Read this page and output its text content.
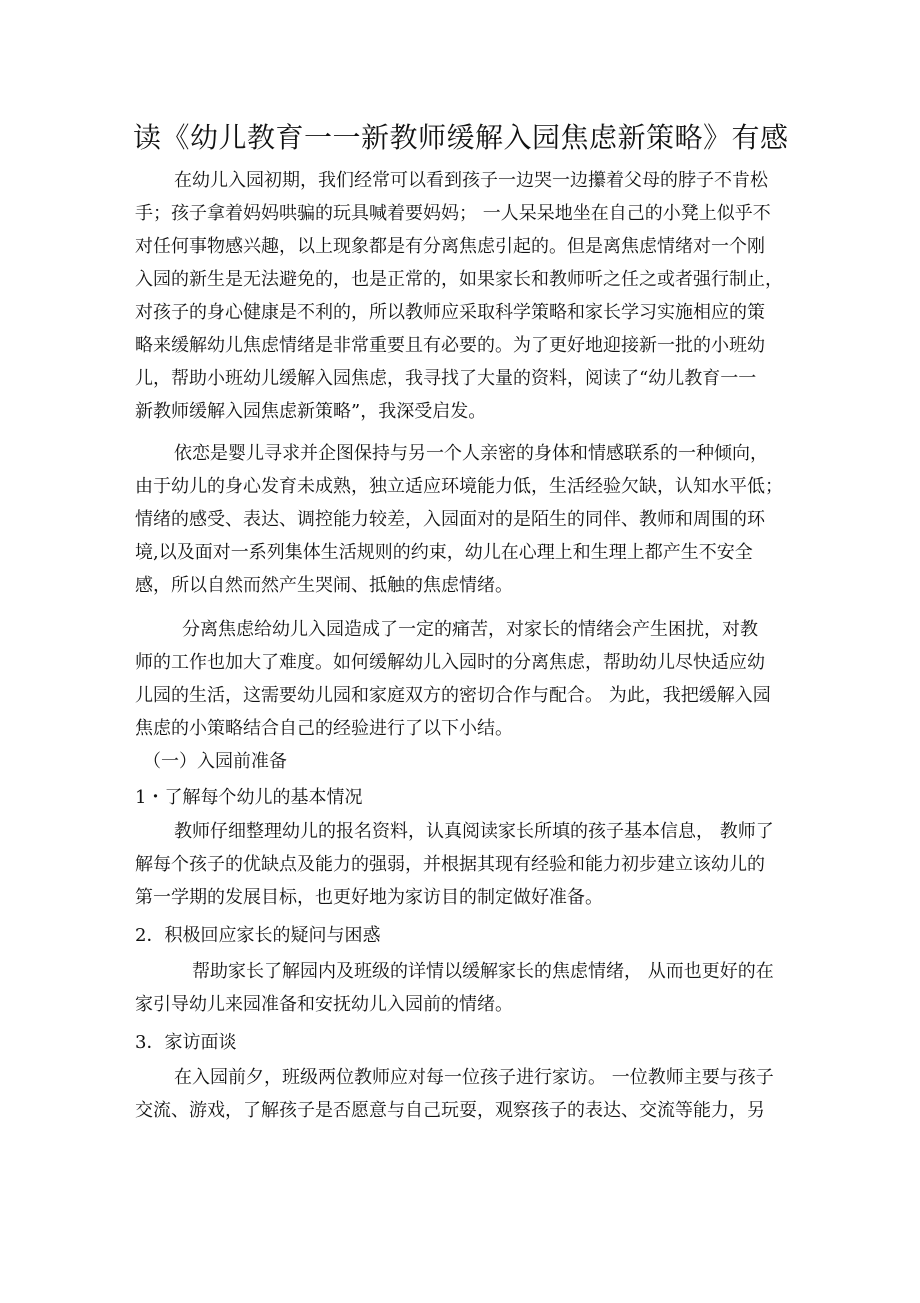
读《幼儿教育一一新教师缓解入园焦虑新策略》有感
在幼儿入园初期，我们经常可以看到孩子一边哭一边攥着父母的脖子不肯松
手；孩子拿着妈妈哄骗的玩具喊着要妈妈； 一人呆呆地坐在自己的小凳上似乎不
对任何事物感兴趣，以上现象都是有分离焦虑引起的。但是离焦虑情绪对一个刚
入园的新生是无法避免的，也是正常的，如果家长和教师听之任之或者强行制止，
对孩子的身心健康是不利的，所以教师应采取科学策略和家长学习实施相应的策
略来缓解幼儿焦虑情绪是非常重要且有必要的。为了更好地迎接新一批的小班幼
儿，帮助小班幼儿缓解入园焦虑，我寻找了大量的资料，阅读了“幼儿教育一一
新教师缓解入园焦虑新策略”，我深受启发。
依恋是婴儿寻求并企图保持与另一个人亲密的身体和情感联系的一种倾向，
由于幼儿的身心发育未成熟，独立适应环境能力低，生活经验欠缺，认知水平低；
情绪的感受、表达、调控能力较差，入园面对的是陌生的同伴、教师和周围的环
境,以及面对一系列集体生活规则的约束，幼儿在心理上和生理上都产生不安全
感，所以自然而然产生哭闹、抵触的焦虑情绪。
分离焦虑给幼儿入园造成了一定的痛苦，对家长的情绪会产生困扰，对教
师的工作也加大了难度。如何缓解幼儿入园时的分离焦虑，帮助幼儿尽快适应幼
儿园的生活，这需要幼儿园和家庭双方的密切合作与配合。 为此，我把缓解入园
焦虑的小策略结合自己的经验进行了以下小结。
（一）入园前准备
1・了解每个幼儿的基本情况
教师仔细整理幼儿的报名资料，认真阅读家长所填的孩子基本信息， 教师了
解每个孩子的优缺点及能力的强弱，并根据其现有经验和能力初步建立该幼儿的
第一学期的发展目标，也更好地为家访目的制定做好准备。
2．积极回应家长的疑问与困惑
帮助家长了解园内及班级的详情以缓解家长的焦虑情绪， 从而也更好的在
家引导幼儿来园准备和安抚幼儿入园前的情绪。
3．家访面谈
在入园前夕，班级两位教师应对每一位孩子进行家访。 一位教师主要与孩子
交流、游戏，了解孩子是否愿意与自己玩耍，观察孩子的表达、交流等能力，另
